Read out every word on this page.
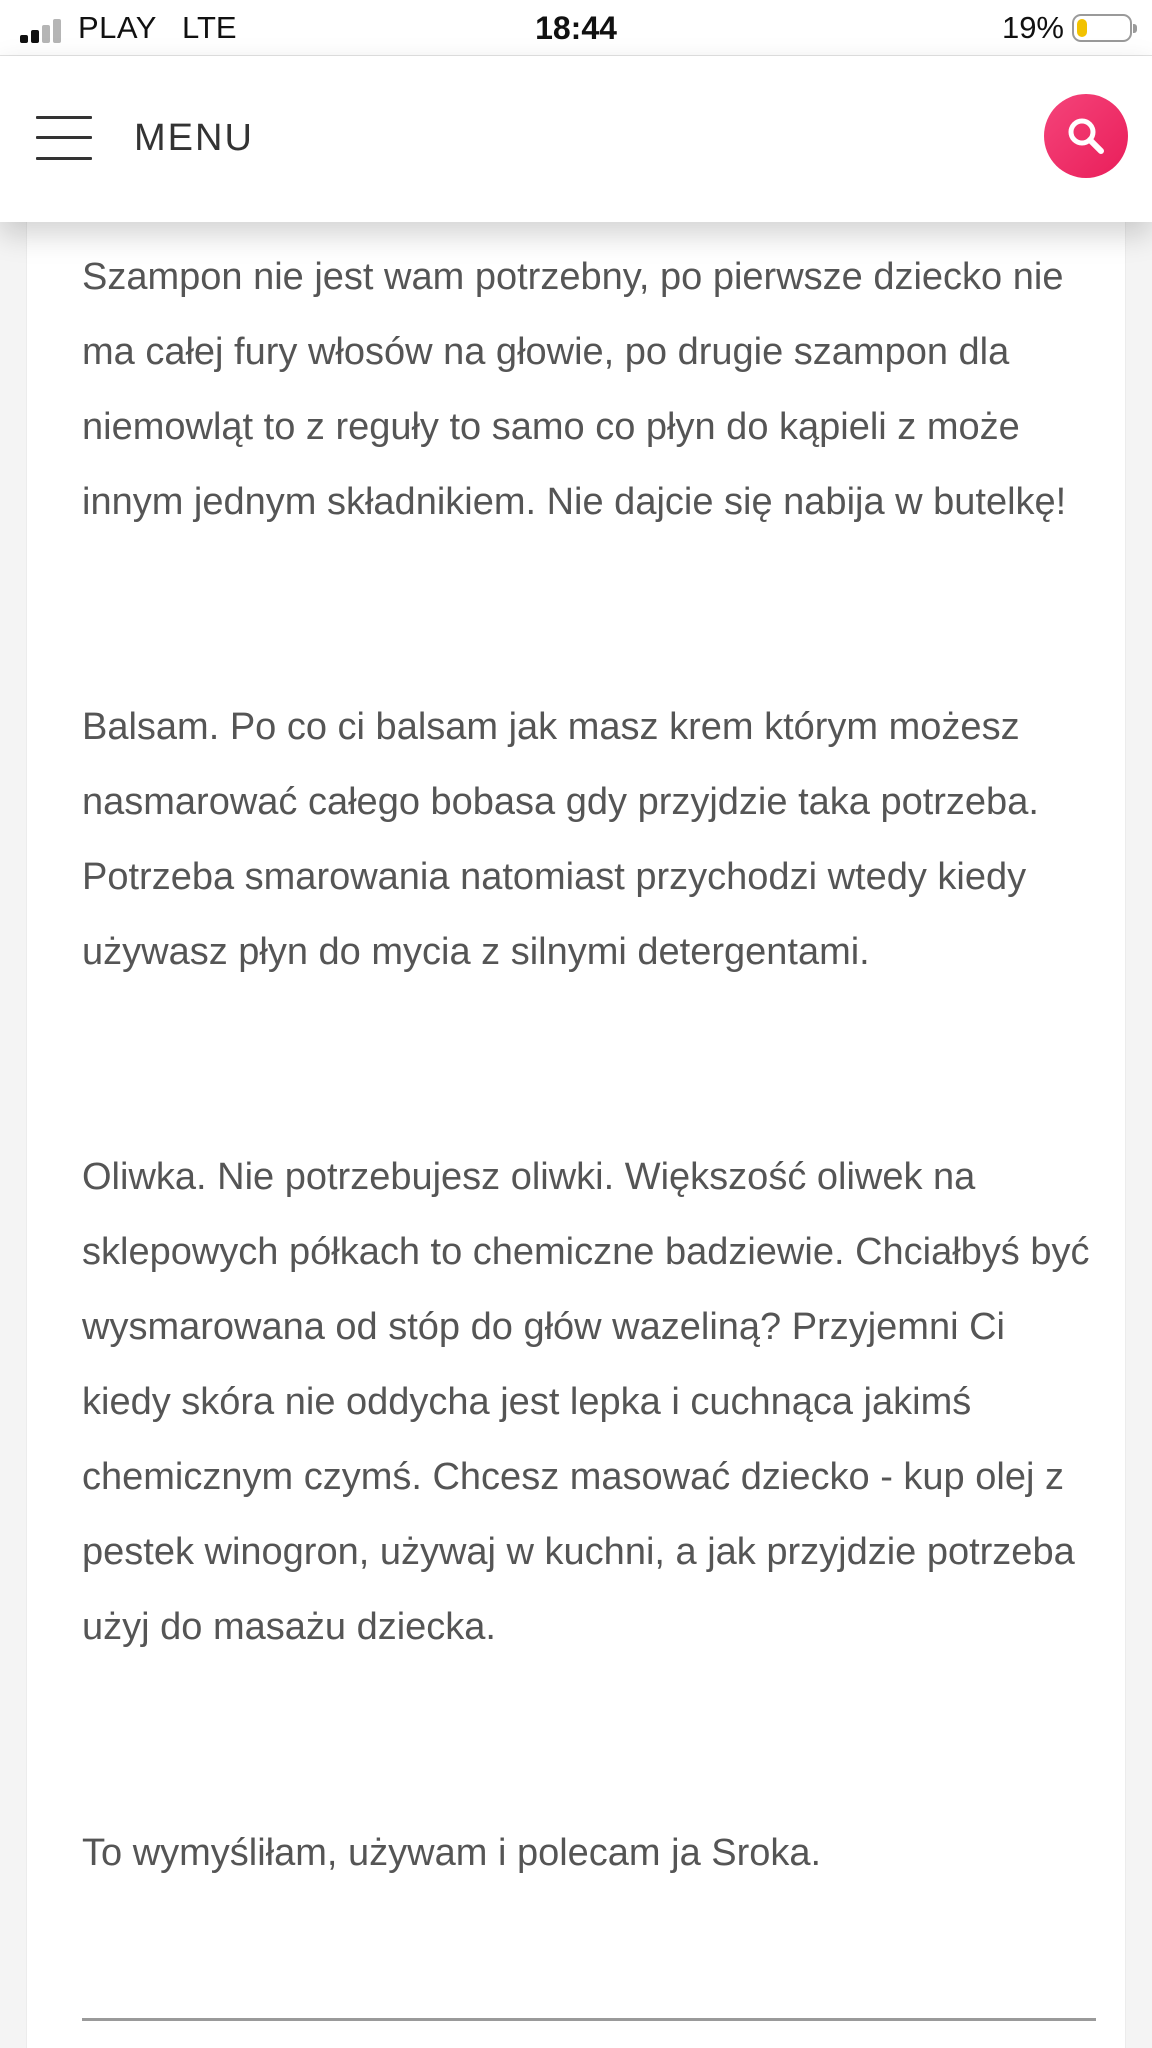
PLAY LTE	18:44	19%
MENU

Szampon nie jest wam potrzebny, po pierwsze dziecko nie ma całej fury włosów na głowie, po drugie szampon dla niemowląt to z reguły to samo co płyn do kąpieli z może innym jednym składnikiem. Nie dajcie się nabija w butelkę!

Balsam. Po co ci balsam jak masz krem którym możesz nasmarować całego bobasa gdy przyjdzie taka potrzeba. Potrzeba smarowania natomiast przychodzi wtedy kiedy używasz płyn do mycia z silnymi detergentami.

Oliwka. Nie potrzebujesz oliwki. Większość oliwek na sklepowych półkach to chemiczne badziewie. Chciałbyś być wysmarowana od stóp do głów wazeliną? Przyjemni Ci kiedy skóra nie oddycha jest lepka i cuchnąca jakimś chemicznym czymś. Chcesz masować dziecko - kup olej z pestek winogron, używaj w kuchni, a jak przyjdzie potrzeba użyj do masażu dziecka.

To wymyśliłam, używam i polecam ja Sroka.
